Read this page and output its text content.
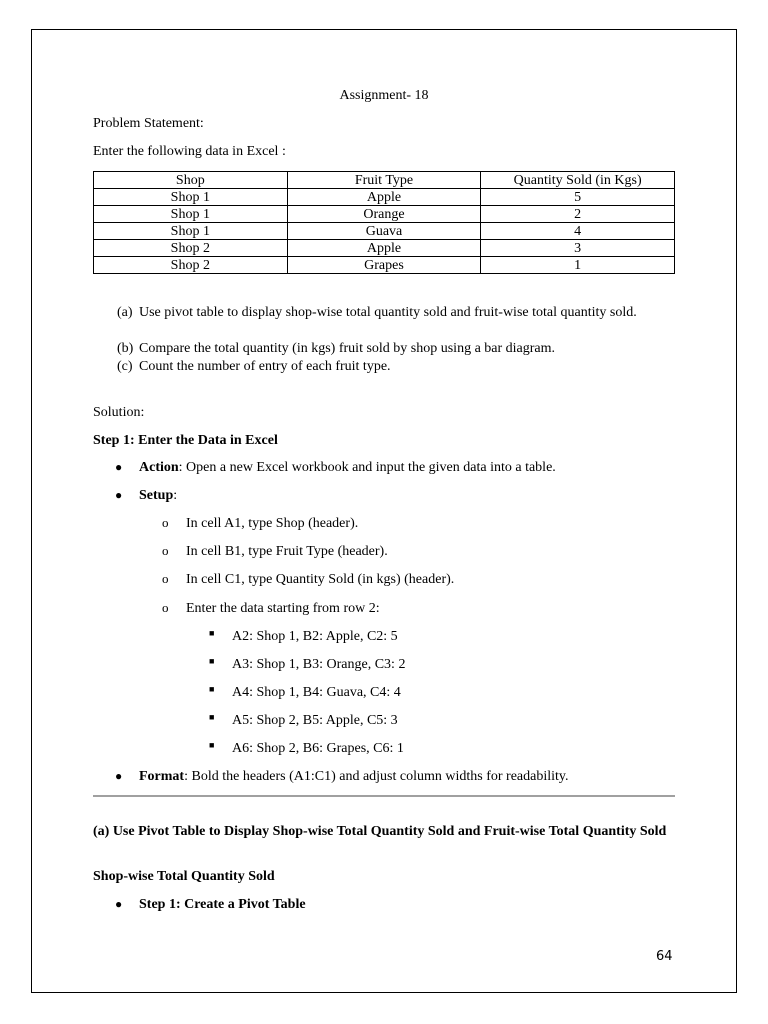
Assignment- 18
Problem Statement:
Enter the following data in Excel :
Shop	Fruit Type	Quantity Sold (in Kgs)
Shop 1	Apple	5
Shop 1	Orange	2
Shop 1	Guava	4
Shop 2	Apple	3
Shop 2	Grapes	1
(a) Use pivot table to display shop-wise total quantity sold and fruit-wise total quantity sold.
(b) Compare the total quantity (in kgs) fruit sold by shop using a bar diagram.
(c) Count the number of entry of each fruit type.
Solution:
Step 1: Enter the Data in Excel
● Action: Open a new Excel workbook and input the given data into a table.
● Setup:
o In cell A1, type Shop (header).
o In cell B1, type Fruit Type (header).
o In cell C1, type Quantity Sold (in kgs) (header).
o Enter the data starting from row 2:
■ A2: Shop 1, B2: Apple, C2: 5
■ A3: Shop 1, B3: Orange, C3: 2
■ A4: Shop 1, B4: Guava, C4: 4
■ A5: Shop 2, B5: Apple, C5: 3
■ A6: Shop 2, B6: Grapes, C6: 1
● Format: Bold the headers (A1:C1) and adjust column widths for readability.
(a) Use Pivot Table to Display Shop-wise Total Quantity Sold and Fruit-wise Total Quantity Sold
Shop-wise Total Quantity Sold
● Step 1: Create a Pivot Table
64
